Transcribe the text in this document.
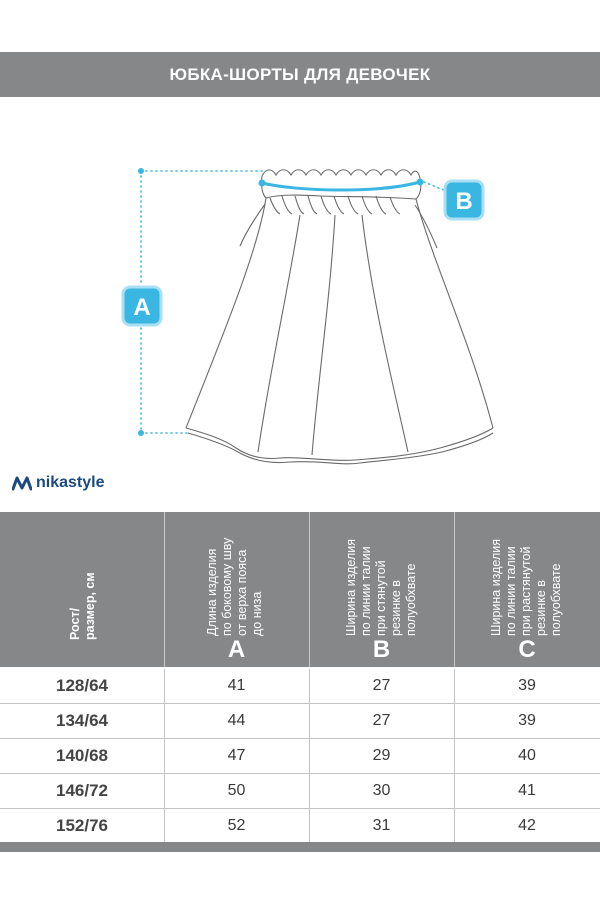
ЮБКА-ШОРТЫ ДЛЯ ДЕВОЧЕК
A
B
nikastyle
Рост/
размер, см
Длина изделия
по боковому шву
от верха пояса
до низа
A
Ширина изделия
по линии талии
при стянутой
резинке в
полуобхвате
B
Ширина изделия
по линии талии
при растянутой
резинке в
полуобхвате
C
128/64	41	27	39
134/64	44	27	39
140/68	47	29	40
146/72	50	30	41
152/76	52	31	42
